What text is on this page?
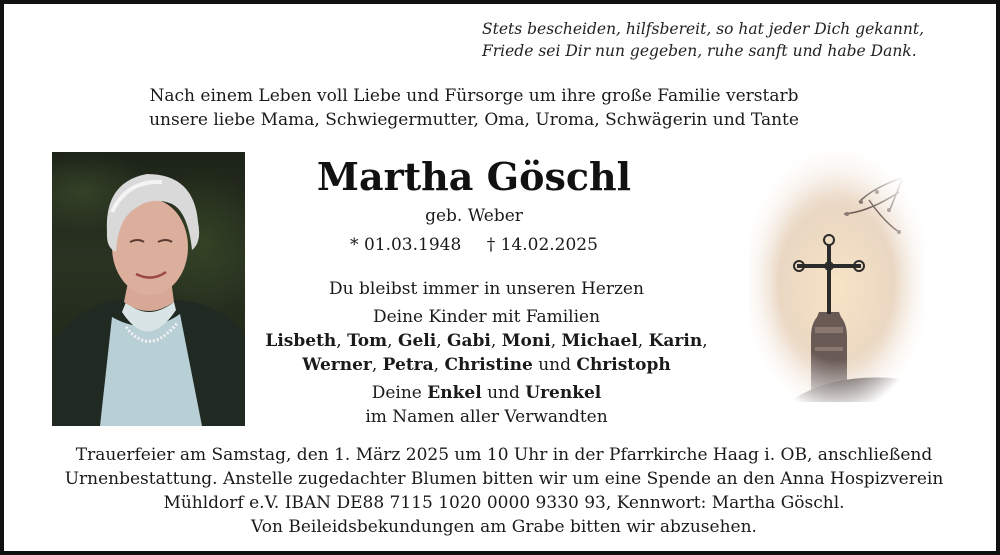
Stets bescheiden, hilfsbereit, so hat jeder Dich gekannt,
Friede sei Dir nun gegeben, ruhe sanft und habe Dank.
Nach einem Leben voll Liebe und Fürsorge um ihre große Familie verstarb
unsere liebe Mama, Schwiegermutter, Oma, Uroma, Schwägerin und Tante
Martha Göschl
geb. Weber
* 01.03.1948 † 14.02.2025
Du bleibst immer in unseren Herzen
Deine Kinder mit Familien
Lisbeth, Tom, Geli, Gabi, Moni, Michael, Karin,
Werner, Petra, Christine und Christoph
Deine Enkel und Urenkel
im Namen aller Verwandten
Trauerfeier am Samstag, den 1. März 2025 um 10 Uhr in der Pfarrkirche Haag i. OB, anschließend
Urnenbestattung. Anstelle zugedachter Blumen bitten wir um eine Spende an den Anna Hospizverein
Mühldorf e.V. IBAN DE88 7115 1020 0000 9330 93, Kennwort: Martha Göschl.
Von Beileidsbekundungen am Grabe bitten wir abzusehen.
